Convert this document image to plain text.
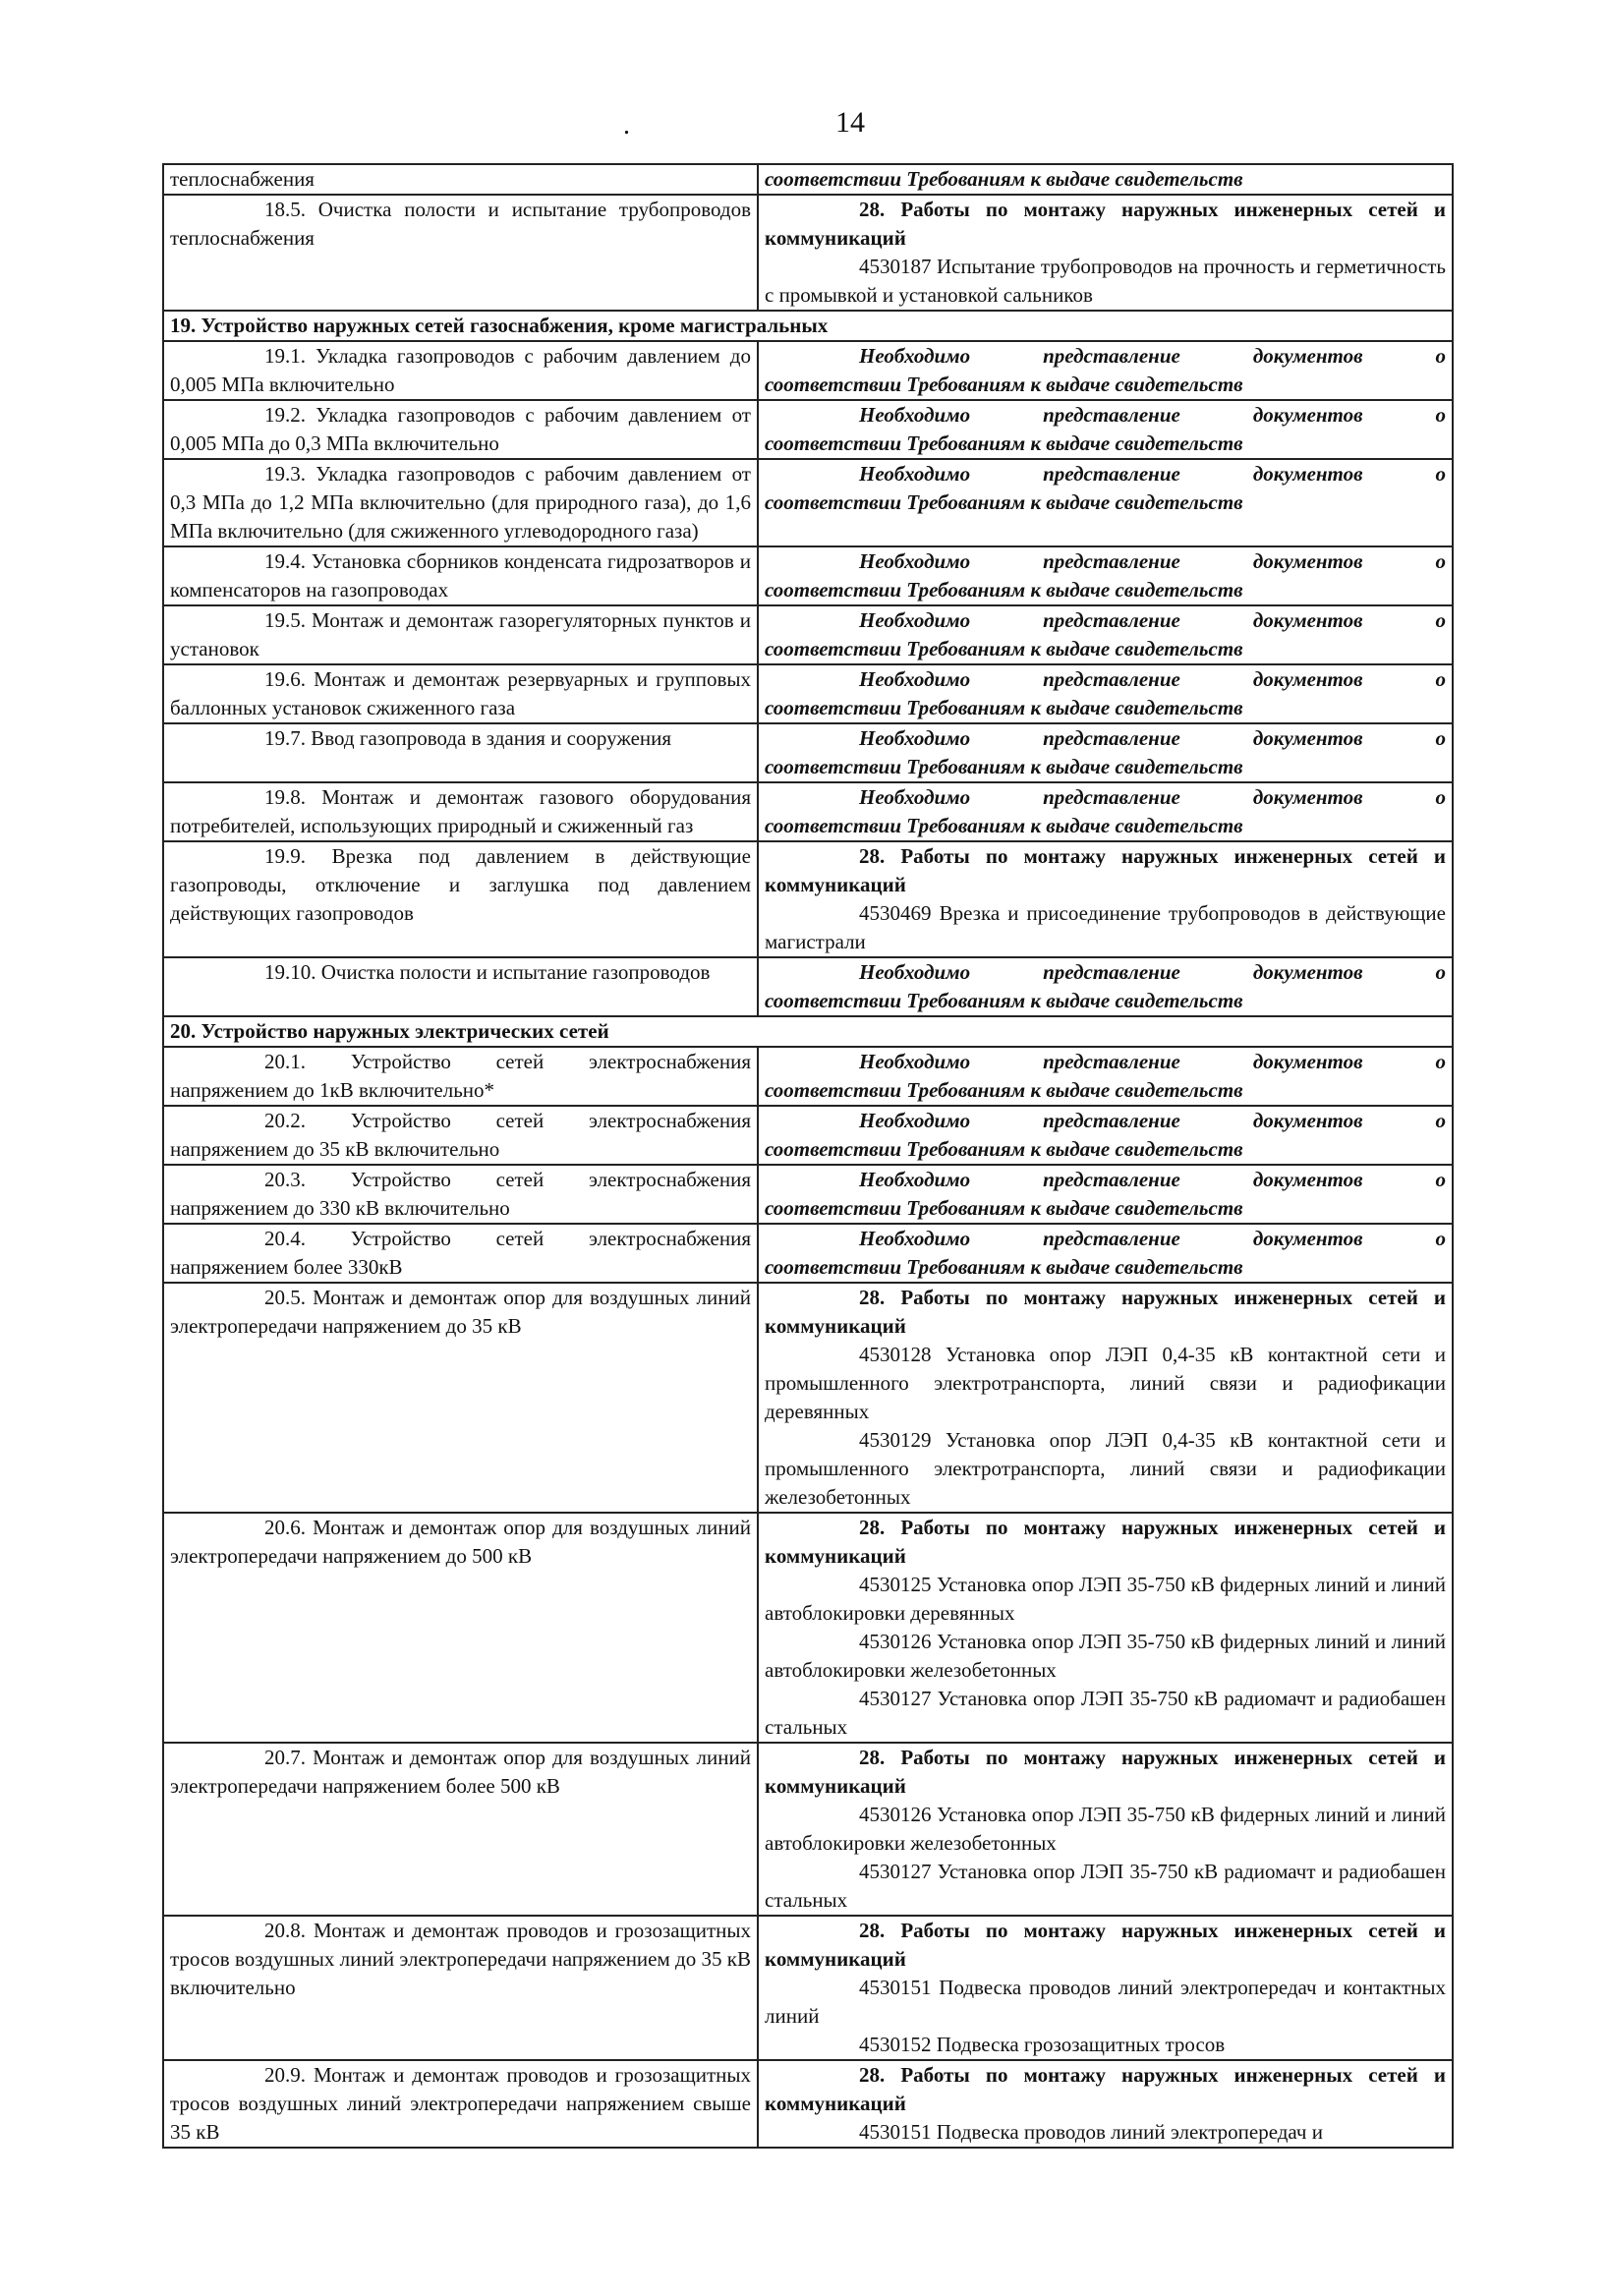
.	14
теплоснабжения	соответствии Требованиям к выдаче свидетельств

18.5. Очистка полости и испытание трубопроводов теплоснабжения	28. Работы по монтажу наружных инженерных сетей и коммуникаций
4530187 Испытание трубопроводов на прочность и герметичность с промывкой и установкой сальников

19. Устройство наружных сетей газоснабжения, кроме магистральных	

19.1. Укладка газопроводов с рабочим давлением до 0,005 МПа включительно	Необходимо представление документов о
соответствии Требованиям к выдаче свидетельств

19.2. Укладка газопроводов с рабочим давлением от 0,005 МПа до 0,3 МПа включительно	Необходимо представление документов о
соответствии Требованиям к выдаче свидетельств

19.3. Укладка газопроводов с рабочим давлением от 0,3 МПа до 1,2 МПа включительно (для природного газа), до 1,6 МПа включительно (для сжиженного углеводородного газа)	Необходимо представление документов о
соответствии Требованиям к выдаче свидетельств

19.4. Установка сборников конденсата гидрозатворов и компенсаторов на газопроводах	Необходимо представление документов о
соответствии Требованиям к выдаче свидетельств

19.5. Монтаж и демонтаж газорегуляторных пунктов и установок	Необходимо представление документов о
соответствии Требованиям к выдаче свидетельств

19.6. Монтаж и демонтаж резервуарных и групповых баллонных установок сжиженного газа	Необходимо представление документов о
соответствии Требованиям к выдаче свидетельств

19.7. Ввод газопровода в здания и сооружения	Необходимо представление документов о
соответствии Требованиям к выдаче свидетельств

19.8. Монтаж и демонтаж газового оборудования потребителей, использующих природный и сжиженный газ	Необходимо представление документов о
соответствии Требованиям к выдаче свидетельств

19.9. Врезка под давлением в действующие газопроводы, отключение и заглушка под давлением действующих газопроводов	28. Работы по монтажу наружных инженерных сетей и коммуникаций
4530469 Врезка и присоединение трубопроводов в действующие магистрали

19.10. Очистка полости и испытание газопроводов	Необходимо представление документов о
соответствии Требованиям к выдаче свидетельств

20. Устройство наружных электрических сетей	

20.1. Устройство сетей электроснабжения напряжением до 1кВ включительно*	Необходимо представление документов о
соответствии Требованиям к выдаче свидетельств

20.2. Устройство сетей электроснабжения напряжением до 35 кВ включительно	Необходимо представление документов о
соответствии Требованиям к выдаче свидетельств

20.3. Устройство сетей электроснабжения напряжением до 330 кВ включительно	Необходимо представление документов о
соответствии Требованиям к выдаче свидетельств

20.4. Устройство сетей электроснабжения напряжением более 330кВ	Необходимо представление документов о
соответствии Требованиям к выдаче свидетельств

20.5. Монтаж и демонтаж опор для воздушных линий электропередачи напряжением до 35 кВ	28. Работы по монтажу наружных инженерных сетей и коммуникаций
4530128 Установка опор ЛЭП 0,4-35 кВ контактной сети и промышленного электротранспорта, линий связи и радиофикации деревянных
4530129 Установка опор ЛЭП 0,4-35 кВ контактной сети и промышленного электротранспорта, линий связи и радиофикации железобетонных

20.6. Монтаж и демонтаж опор для воздушных линий электропередачи напряжением до 500 кВ	28. Работы по монтажу наружных инженерных сетей и коммуникаций
4530125 Установка опор ЛЭП 35-750 кВ фидерных линий и линий автоблокировки деревянных
4530126 Установка опор ЛЭП 35-750 кВ фидерных линий и линий автоблокировки железобетонных
4530127 Установка опор ЛЭП 35-750 кВ радиомачт и радиобашен стальных

20.7. Монтаж и демонтаж опор для воздушных линий электропередачи напряжением более 500 кВ	28. Работы по монтажу наружных инженерных сетей и коммуникаций
4530126 Установка опор ЛЭП 35-750 кВ фидерных линий и линий автоблокировки железобетонных
4530127 Установка опор ЛЭП 35-750 кВ радиомачт и радиобашен стальных

20.8. Монтаж и демонтаж проводов и грозозащитных тросов воздушных линий электропередачи напряжением до 35 кВ включительно	28. Работы по монтажу наружных инженерных сетей и коммуникаций
4530151 Подвеска проводов линий электропередач и контактных линий
4530152 Подвеска грозозащитных тросов

20.9. Монтаж и демонтаж проводов и грозозащитных тросов воздушных линий электропередачи напряжением свыше 35 кВ	28. Работы по монтажу наружных инженерных сетей и коммуникаций
4530151 Подвеска проводов линий электропередач и
